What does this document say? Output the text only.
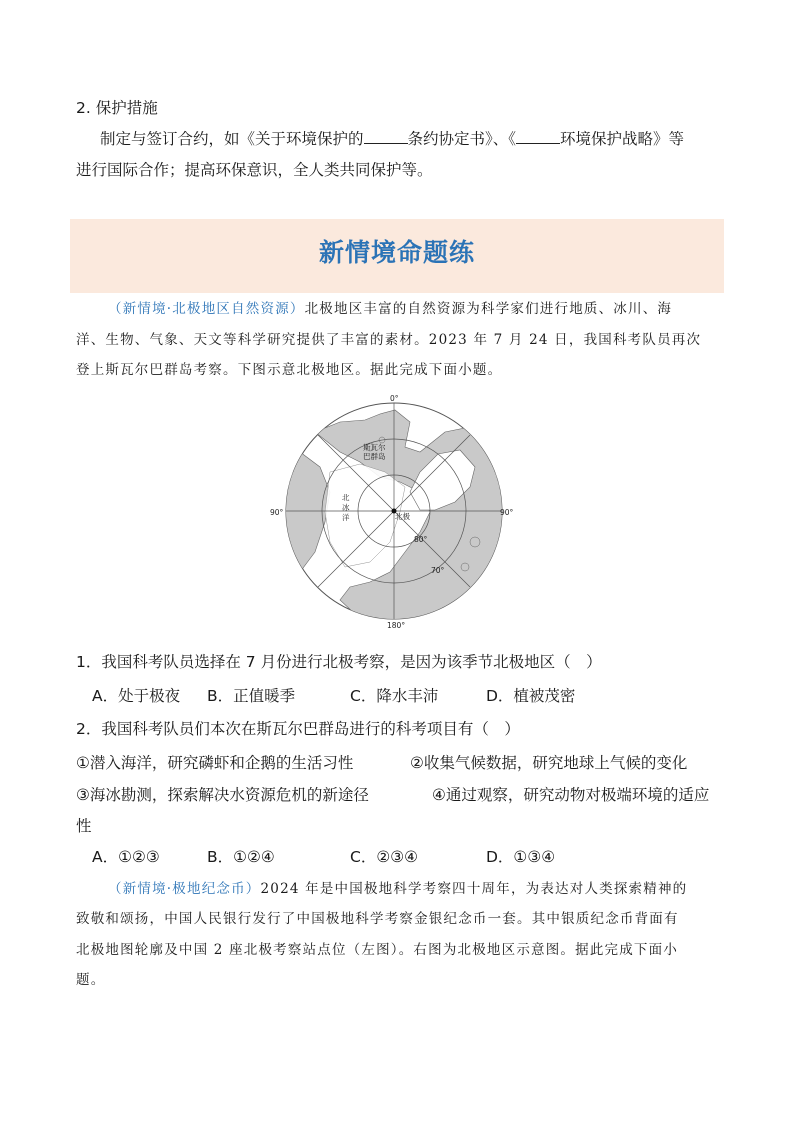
2. 保护措施
制定与签订合约，如《关于环境保护的	条约协定书》、《	环境保护战略》等
进行国际合作；提高环保意识，全人类共同保护等。
新情境命题练
（新情境·北极地区自然资源）北极地区丰富的自然资源为科学家们进行地质、冰川、海
洋、生物、气象、天文等科学研究提供了丰富的素材。2023 年 7 月 24 日，我国科考队员再次
登上斯瓦尔巴群岛考察。下图示意北极地区。据此完成下面小题。
0°
180°
90°	90°
80°
70°
斯瓦尔
巴群岛
北
冰
洋	北极
1．我国科考队员选择在 7 月份进行北极考察，是因为该季节北极地区（　）
A．处于极夜 B．正值暖季	C．降水丰沛	D．植被茂密
2．我国科考队员们本次在斯瓦尔巴群岛进行的科考项目有（　）
①潜入海洋，研究磷虾和企鹅的生活习性	②收集气候数据，研究地球上气候的变化
③海冰勘测，探索解决水资源危机的新途径	④通过观察，研究动物对极端环境的适应
性
A．①②③	B．①②④	C．②③④	D．①③④
（新情境·极地纪念币）2024 年是中国极地科学考察四十周年，为表达对人类探索精神的
致敬和颂扬，中国人民银行发行了中国极地科学考察金银纪念币一套。其中银质纪念币背面有
北极地图轮廓及中国 2 座北极考察站点位（左图）。右图为北极地区示意图。据此完成下面小
题。
